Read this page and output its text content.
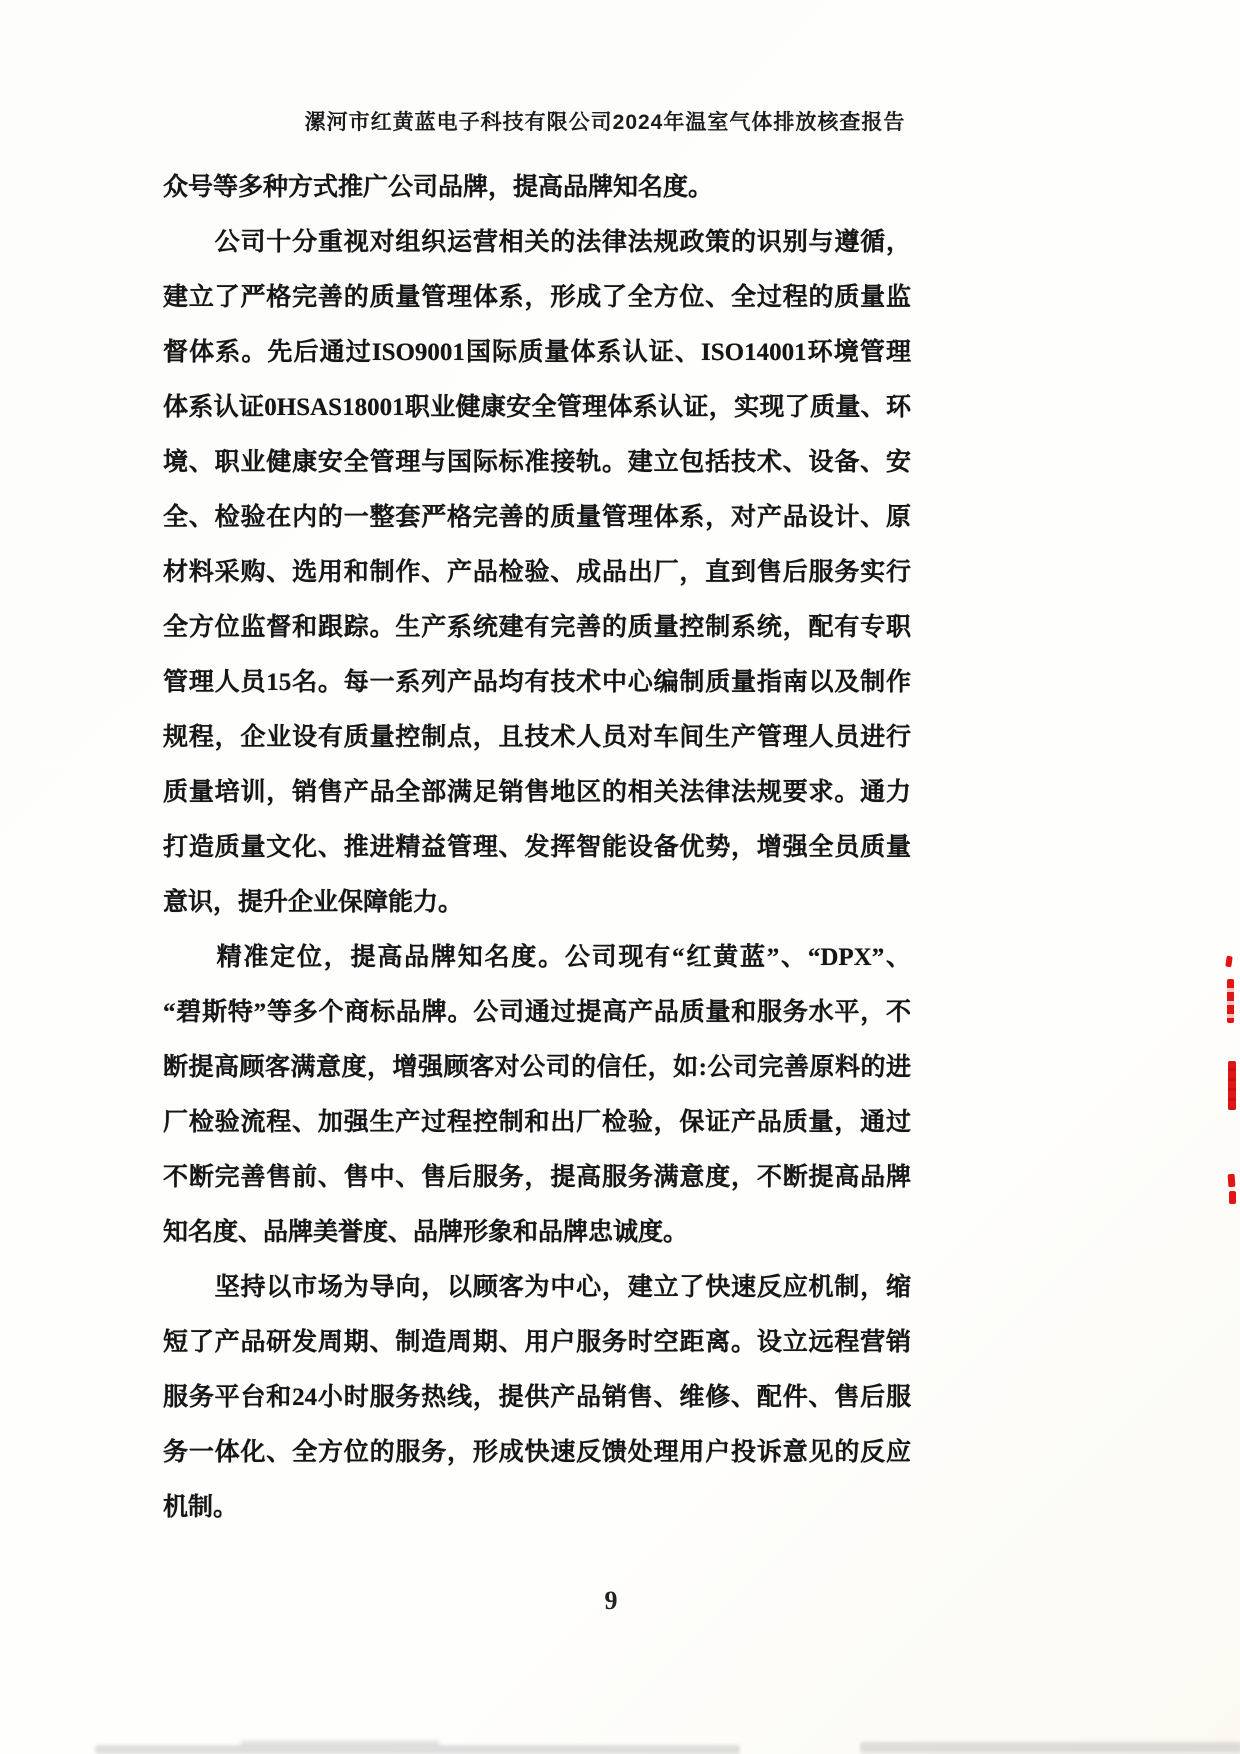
漯河市红黄蓝电子科技有限公司2024年温室气体排放核查报告
众号等多种方式推广公司品牌，提高品牌知名度。
　　公司十分重视对组织运营相关的法律法规政策的识别与遵循，
建立了严格完善的质量管理体系，形成了全方位、全过程的质量监
督体系。先后通过ISO9001国际质量体系认证、ISO14001环境管理
体系认证0HSAS18001职业健康安全管理体系认证，实现了质量、环
境、职业健康安全管理与国际标准接轨。建立包括技术、设备、安
全、检验在内的一整套严格完善的质量管理体系，对产品设计、原
材料采购、选用和制作、产品检验、成品出厂，直到售后服务实行
全方位监督和跟踪。生产系统建有完善的质量控制系统，配有专职
管理人员15名。每一系列产品均有技术中心编制质量指南以及制作
规程，企业设有质量控制点，且技术人员对车间生产管理人员进行
质量培训，销售产品全部满足销售地区的相关法律法规要求。通力
打造质量文化、推进精益管理、发挥智能设备优势，增强全员质量
意识，提升企业保障能力。
　　精准定位，提高品牌知名度。公司现有“红黄蓝”、“DPX”、
“碧斯特”等多个商标品牌。公司通过提高产品质量和服务水平，不
断提高顾客满意度，增强顾客对公司的信任，如:公司完善原料的进
厂检验流程、加强生产过程控制和出厂检验，保证产品质量，通过
不断完善售前、售中、售后服务，提高服务满意度，不断提高品牌
知名度、品牌美誉度、品牌形象和品牌忠诚度。
　　坚持以市场为导向，以顾客为中心，建立了快速反应机制，缩
短了产品研发周期、制造周期、用户服务时空距离。设立远程营销
服务平台和24小时服务热线，提供产品销售、维修、配件、售后服
务一体化、全方位的服务，形成快速反馈处理用户投诉意见的反应
机制。
9
